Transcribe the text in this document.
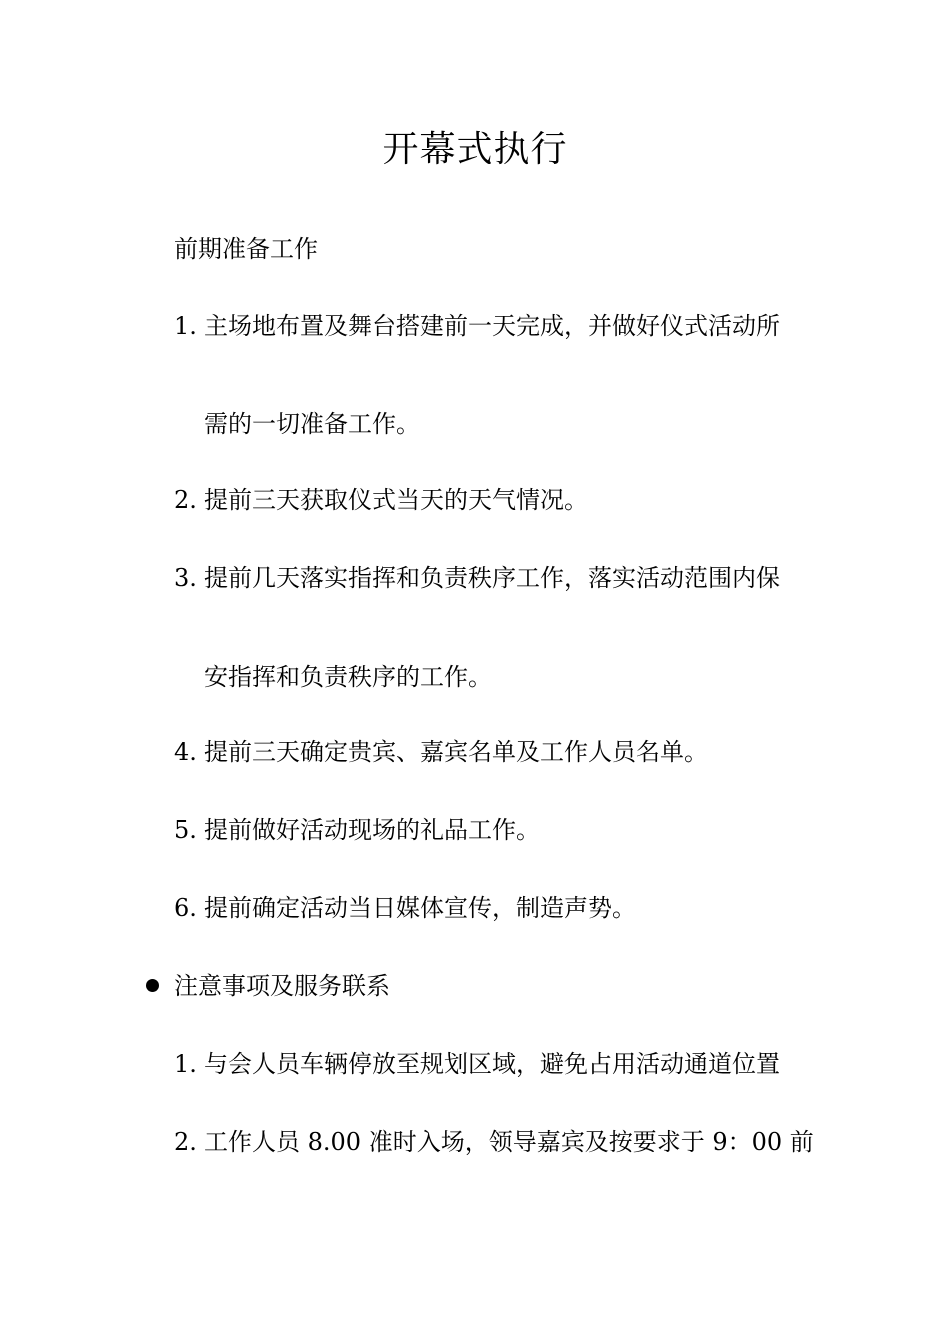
开幕式执行
前期准备工作
1. 主场地布置及舞台搭建前一天完成，并做好仪式活动所
需的一切准备工作。
2. 提前三天获取仪式当天的天气情况。
3. 提前几天落实指挥和负责秩序工作，落实活动范围内保
安指挥和负责秩序的工作。
4. 提前三天确定贵宾、嘉宾名单及工作人员名单。
5. 提前做好活动现场的礼品工作。
6. 提前确定活动当日媒体宣传，制造声势。
注意事项及服务联系
1. 与会人员车辆停放至规划区域，避免占用活动通道位置
2. 工作人员 8.00 准时入场，领导嘉宾及按要求于 9：00 前
